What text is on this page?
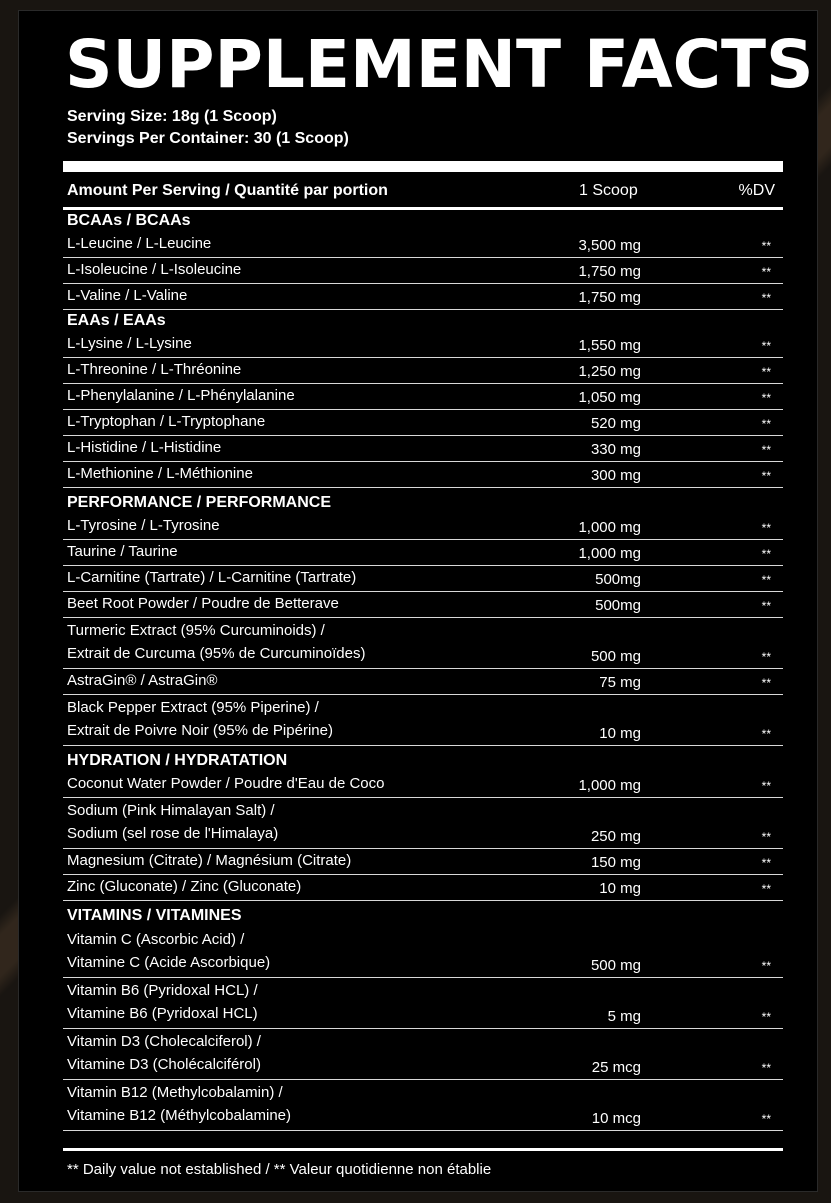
SUPPLEMENT FACTS
Serving Size: 18g (1 Scoop)
Servings Per Container: 30 (1 Scoop)
Amount Per Serving / Quantité par portion	1 Scoop	%DV
BCAAs / BCAAs
L-Leucine / L-Leucine	3,500 mg	**
L-Isoleucine / L-Isoleucine	1,750 mg	**
L-Valine / L-Valine	1,750 mg	**
EAAs / EAAs
L-Lysine / L-Lysine	1,550 mg	**
L-Threonine / L-Thréonine	1,250 mg	**
L-Phenylalanine / L-Phénylalanine	1,050 mg	**
L-Tryptophan / L-Tryptophane	520 mg	**
L-Histidine / L-Histidine	330 mg	**
L-Methionine / L-Méthionine	300 mg	**
PERFORMANCE / PERFORMANCE
L-Tyrosine / L-Tyrosine	1,000 mg	**
Taurine / Taurine	1,000 mg	**
L-Carnitine (Tartrate) / L-Carnitine (Tartrate)	500mg	**
Beet Root Powder / Poudre de Betterave	500mg	**
Turmeric Extract (95% Curcuminoids) /
Extrait de Curcuma (95% de Curcuminoïdes)	500 mg	**
AstraGin® / AstraGin®	75 mg	**
Black Pepper Extract (95% Piperine) /
Extrait de Poivre Noir (95% de Pipérine)	10 mg	**
HYDRATION / HYDRATATION
Coconut Water Powder / Poudre d'Eau de Coco	1,000 mg	**
Sodium (Pink Himalayan Salt) /
Sodium (sel rose de l'Himalaya)	250 mg	**
Magnesium (Citrate) / Magnésium (Citrate)	150 mg	**
Zinc (Gluconate) / Zinc (Gluconate)	10 mg	**
VITAMINS / VITAMINES
Vitamin C (Ascorbic Acid) /
Vitamine C (Acide Ascorbique)	500 mg	**
Vitamin B6 (Pyridoxal HCL) /
Vitamine B6 (Pyridoxal HCL)	5 mg	**
Vitamin D3 (Cholecalciferol) /
Vitamine D3 (Cholécalciférol)	25 mcg	**
Vitamin B12 (Methylcobalamin) /
Vitamine B12 (Méthylcobalamine)	10 mcg	**
** Daily value not established / ** Valeur quotidienne non établie
